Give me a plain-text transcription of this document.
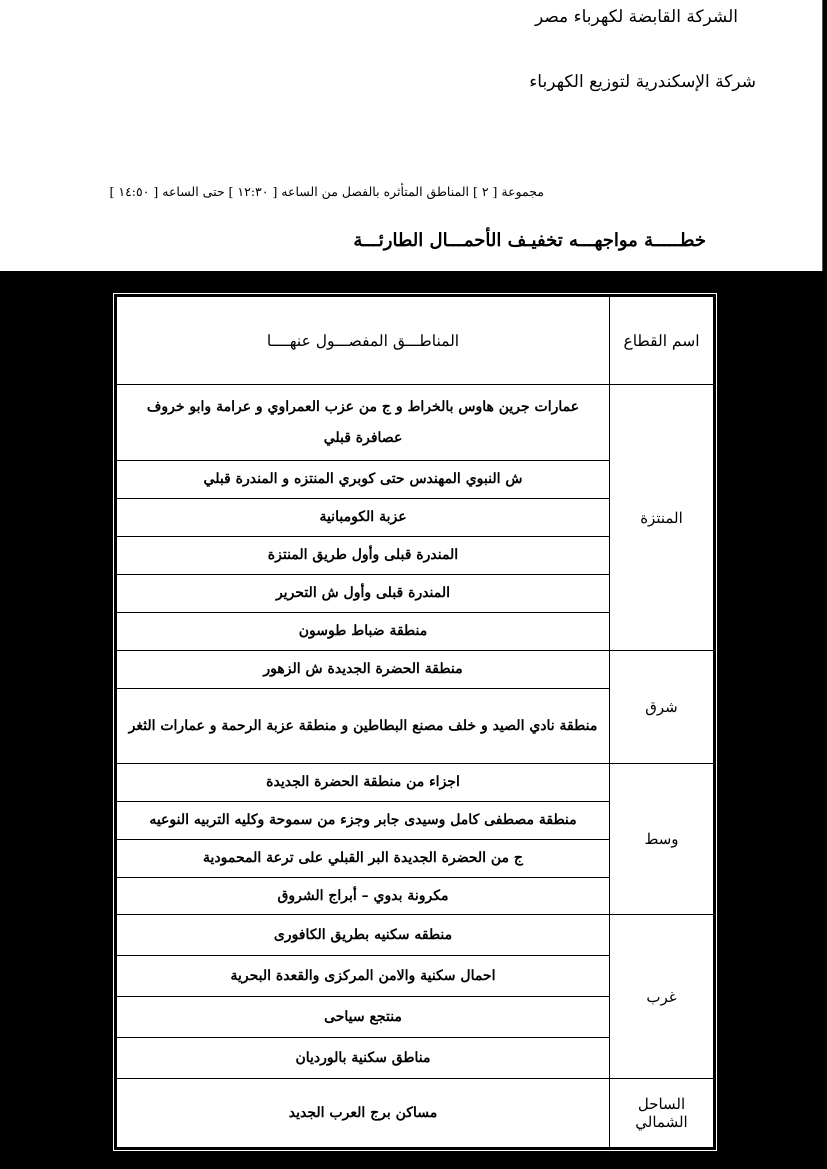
الشركة القابضة لكهرباء مصر
شركة الإسكندرية لتوزيع الكهرباء
مجموعة [ ٢ ] المناطق المتأثره بالفصل من الساعه [ ١٢:٣٠ ] حتى الساعه [ ١٤:٥٠ ]
خطـــــة مواجهـــه تخفيـف الأحمـــال الطارئـــة
اسم القطاع	المناطـــق المفصـــول عنهــــا
المنتزة	عمارات جرين هاوس بالخراط و ج من عزب العمراوي و عرامة وابو خروف عصافرة قبلي
	ش النبوي المهندس حتى كوبري المنتزه و المندرة قبلي
	عزبة الكومبانية
	المندرة قبلى وأول طريق المنتزة
	المندرة قبلى وأول ش التحرير
	منطقة ضباط طوسون
شرق	منطقة الحضرة الجديدة ش الزهور
	منطقة نادي الصيد و خلف مصنع البطاطين و منطقة عزبة الرحمة و عمارات الثغر
وسط	اجزاء من منطقة الحضرة الجديدة
	منطقة مصطفى كامل وسيدى جابر وجزء من سموحة وكليه التربيه النوعيه
	ج من الحضرة الجديدة البر القبلي على ترعة المحمودية
	مكرونة بدوي – أبراج الشروق
غرب	منطقه سكنيه بطريق الكافورى
	احمال سكنية والامن المركزى والقعدة البحرية
	منتجع سياحى
	مناطق سكنية بالورديان
الساحل الشمالي	مساكن برج العرب الجديد
